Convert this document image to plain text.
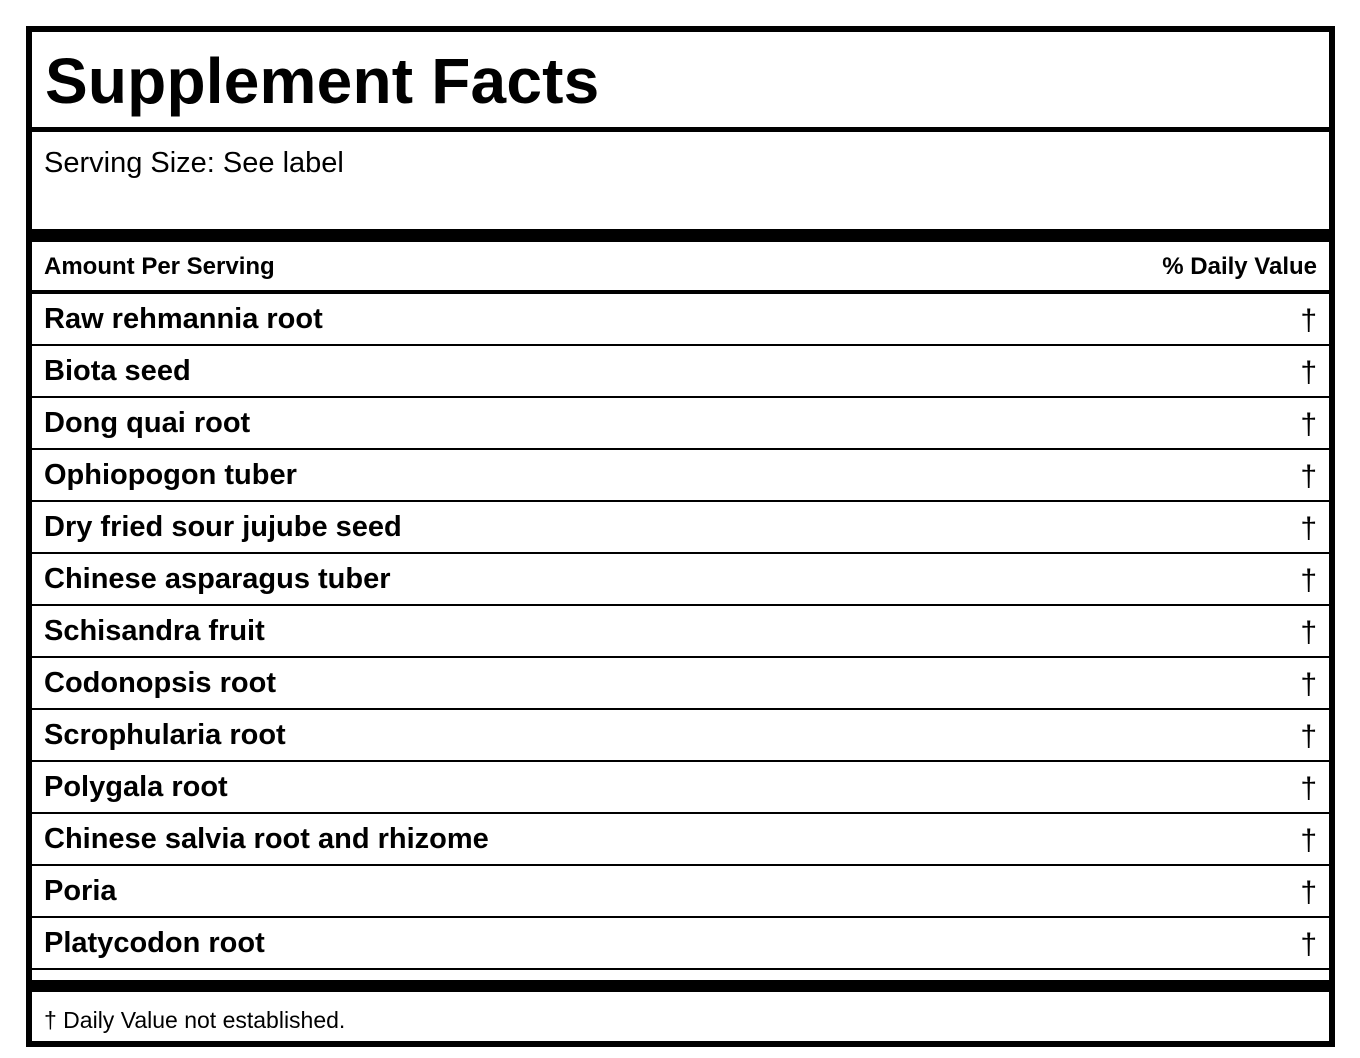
Supplement Facts
Serving Size: See label
Amount Per Serving	% Daily Value
Raw rehmannia root	†
Biota seed	†
Dong quai root	†
Ophiopogon tuber	†
Dry fried sour jujube seed	†
Chinese asparagus tuber	†
Schisandra fruit	†
Codonopsis root	†
Scrophularia root	†
Polygala root	†
Chinese salvia root and rhizome	†
Poria	†
Platycodon root	†
† Daily Value not established.
